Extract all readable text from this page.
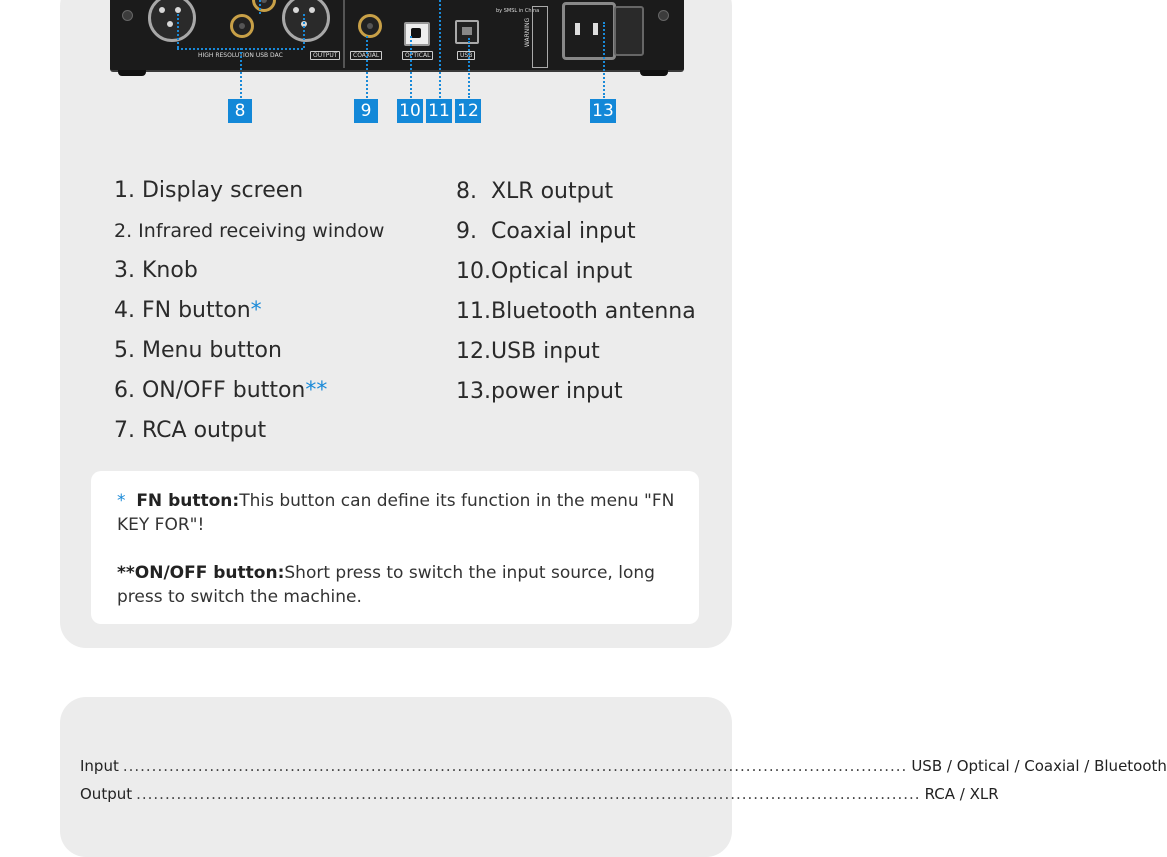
HIGH RESOLUTION USB DAC	OUTPUT	COAXIAL	OPTICAL	USB
by SMSL in China
WARNING
8	9	10 11 12	13
1. Display screen
2. Infrared receiving window
3. Knob
4. FN button*
5. Menu button
6. ON/OFF button**
7. RCA output
8.  XLR output
9.  Coaxial input
10.Optical input
11.Bluetooth antenna
12.USB input
13.power input

* FN button:This button can define its function in the menu "FN KEY FOR"!

**ON/OFF button:Short press to switch the input source, long press to switch the machine.

Input ........................................................................................................................................ USB / Optical / Coaxial / Bluetooth
Output ........................................................................................................................................ RCA / XLR
